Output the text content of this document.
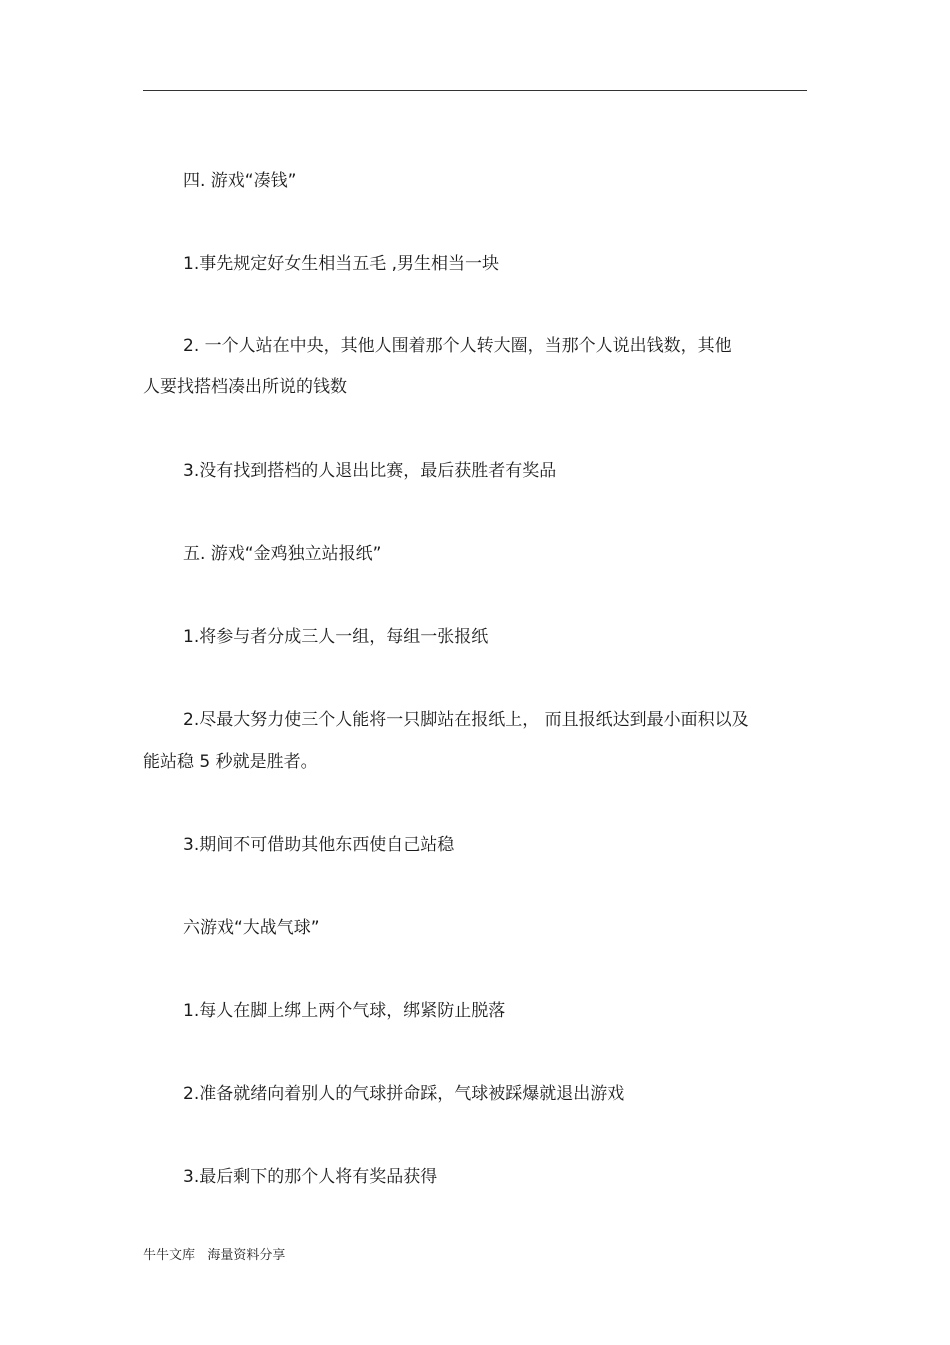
四. 游戏“凑钱”
1.事先规定好女生相当五毛 ,男生相当一块
2. 一个人站在中央，其他人围着那个人转大圈，当那个人说出钱数，其他
人要找搭档凑出所说的钱数
3.没有找到搭档的人退出比赛，最后获胜者有奖品
五. 游戏“金鸡独立站报纸”
1.将参与者分成三人一组，每组一张报纸
2.尽最大努力使三个人能将一只脚站在报纸上， 而且报纸达到最小面积以及
能站稳 5 秒就是胜者。
3.期间不可借助其他东西使自己站稳
六游戏“大战气球”
1.每人在脚上绑上两个气球，绑紧防止脱落
2.准备就绪向着别人的气球拼命踩，气球被踩爆就退出游戏
3.最后剩下的那个人将有奖品获得
牛牛文库   海量资料分享
